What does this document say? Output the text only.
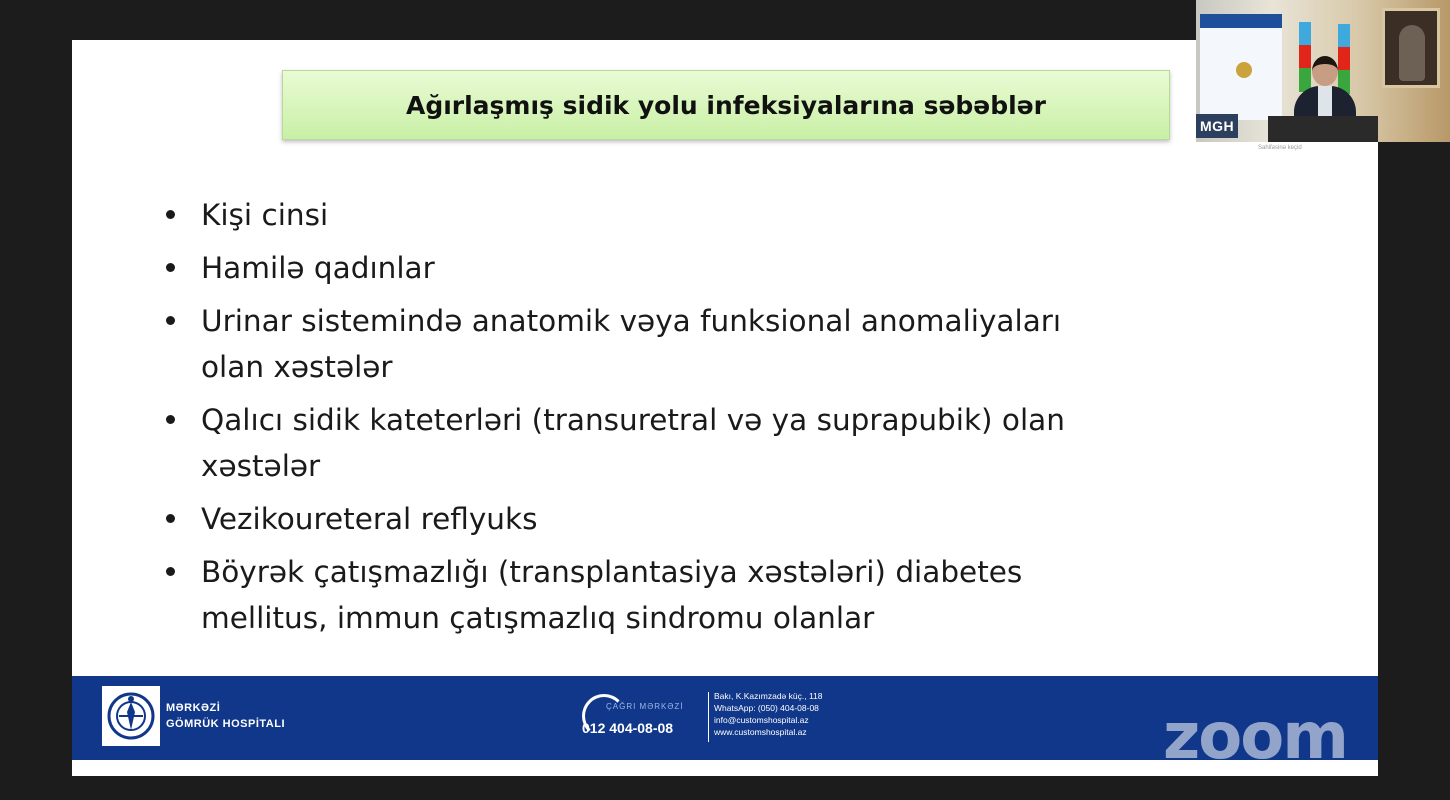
Ağırlaşmış sidik yolu infeksiyalarına səbəblər
Kişi cinsi
Hamilə qadınlar
Urinar sistemində anatomik vəya funksional anomaliyaları
olan xəstələr
Qalıcı sidik kateterləri (transuretral və ya suprapubik) olan
xəstələr
Vezikoureteral reflyuks
Böyrək çatışmazlığı (transplantasiya xəstələri) diabetes
mellitus, immun çatışmazlıq sindromu olanlar
MƏRKƏZİ
GÖMRÜK HOSPİTALI
ÇAĞRI MƏRKƏZİ
012 404-08-08
Bakı, K.Kazımzadə küç., 118
WhatsApp: (050) 404-08-08
info@customshospital.az
www.customshospital.az	zoom
MGH
Sahifəsinə keçid
